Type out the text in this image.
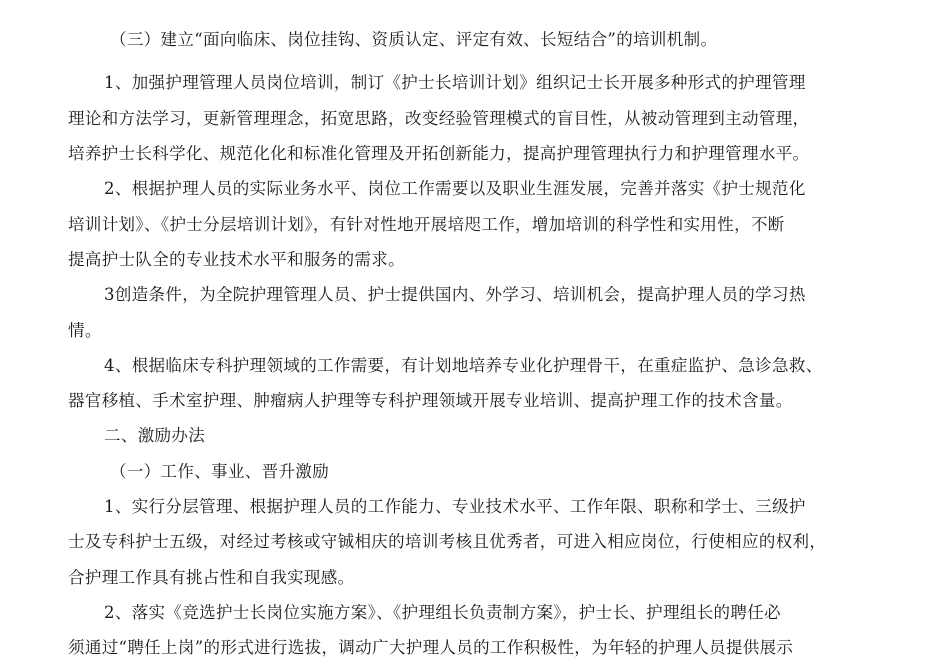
（三）建立“面向临床、岗位挂钩、资质认定、评定有效、长短结合”的培训机制。
1、加强护理管理人员岗位培训，制订《护士长培训计划》组织记士长开展多种形式的护理管理
理论和方法学习，更新管理理念，拓宽思路，改变经验管理模式的盲目性，从被动管理到主动管理，
培养护士长科学化、规范化化和标准化管理及开拓创新能力，提高护理管理执行力和护理管理水平。
2、根据护理人员的实际业务水平、岗位工作需要以及职业生涯发展，完善并落实《护士规范化
培训计划》、《护士分层培训计划》，有针对性地开展培咫工作，增加培训的科学性和实用性，不断
提高护士队全的专业技术水平和服务的需求。
3创造条件，为全院护理管理人员、护士提供国内、外学习、培训机会，提高护理人员的学习热
情。
4、根据临床专科护理领域的工作需要，有计划地培养专业化护理骨干，在重症监护、急诊急救、
器官移植、手术室护理、肿瘤病人护理等专科护理领域开展专业培训、提高护理工作的技术含量。
二、激励办法
（一）工作、事业、晋升激励
1、实行分层管理、根据护理人员的工作能力、专业技术水平、工作年限、职称和学士、三级护
士及专科护士五级，对经过考核或守铖相庆的培训考核且优秀者，可进入相应岗位，行使相应的权利，
合护理工作具有挑占性和自我实现感。
2、落实《竞选护士长岗位实施方案》、《护理组长负责制方案》，护士长、护理组长的聘任必
须通过“聘任上岗”的形式进行选拔，调动广大护理人员的工作积极性，为年轻的护理人员提供展示
